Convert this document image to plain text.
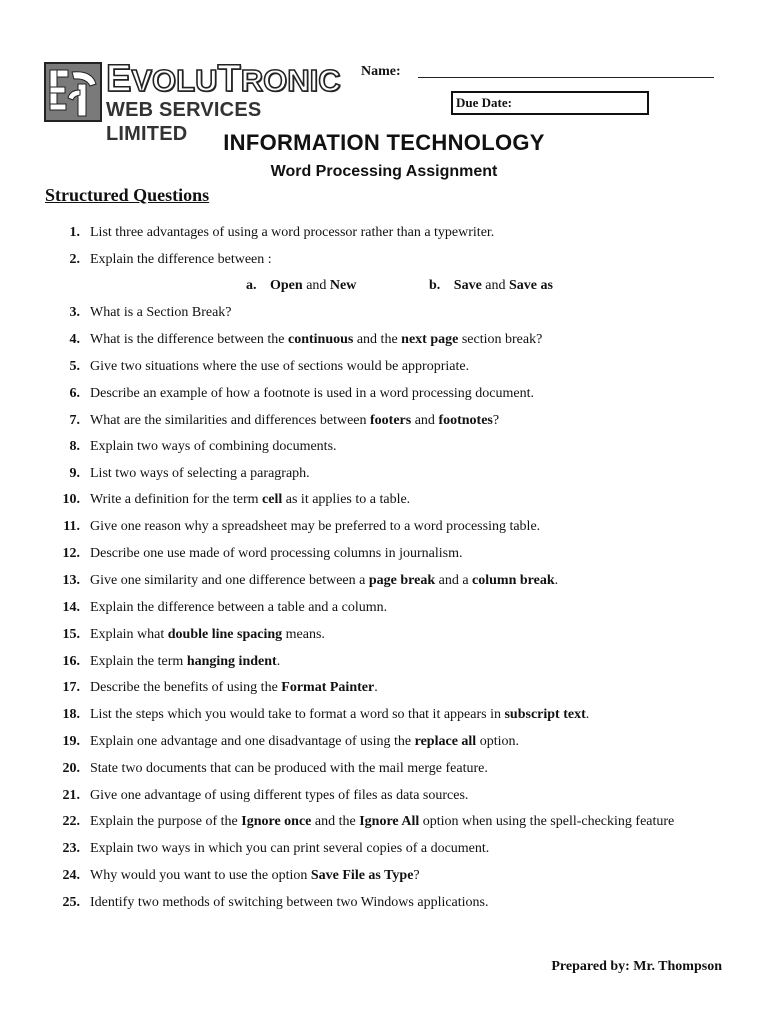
EVOLUTRONIC
WEB SERVICES LIMITED
Name:
Due Date:
INFORMATION TECHNOLOGY
Word Processing Assignment
Structured Questions
1. List three advantages of using a word processor rather than a typewriter.
2. Explain the difference between :
3. What is a Section Break?
4. What is the difference between the continuous and the next page section break?
5. Give two situations where the use of sections would be appropriate.
6. Describe an example of how a footnote is used in a word processing document.
7. What are the similarities and differences between footers and footnotes?
8. Explain two ways of combining documents.
9. List two ways of selecting a paragraph.
10. Write a definition for the term cell as it applies to a table.
11. Give one reason why a spreadsheet may be preferred to a word processing table.
12. Describe one use made of word processing columns in journalism.
13. Give one similarity and one difference between a page break and a column break.
14. Explain the difference between a table and a column.
15. Explain what double line spacing means.
16. Explain the term hanging indent.
17. Describe the benefits of using the Format Painter.
18. List the steps which you would take to format a word so that it appears in subscript text.
19. Explain one advantage and one disadvantage of using the replace all option.
20. State two documents that can be produced with the mail merge feature.
21. Give one advantage of using different types of files as data sources.
22. Explain the purpose of the Ignore once and the Ignore All option when using the spell-checking feature
23. Explain two ways in which you can print several copies of a document.
24. Why would you want to use the option Save File as Type?
25. Identify two methods of switching between two Windows applications.
a. Open and New	b. Save and Save as
Prepared by: Mr. Thompson
